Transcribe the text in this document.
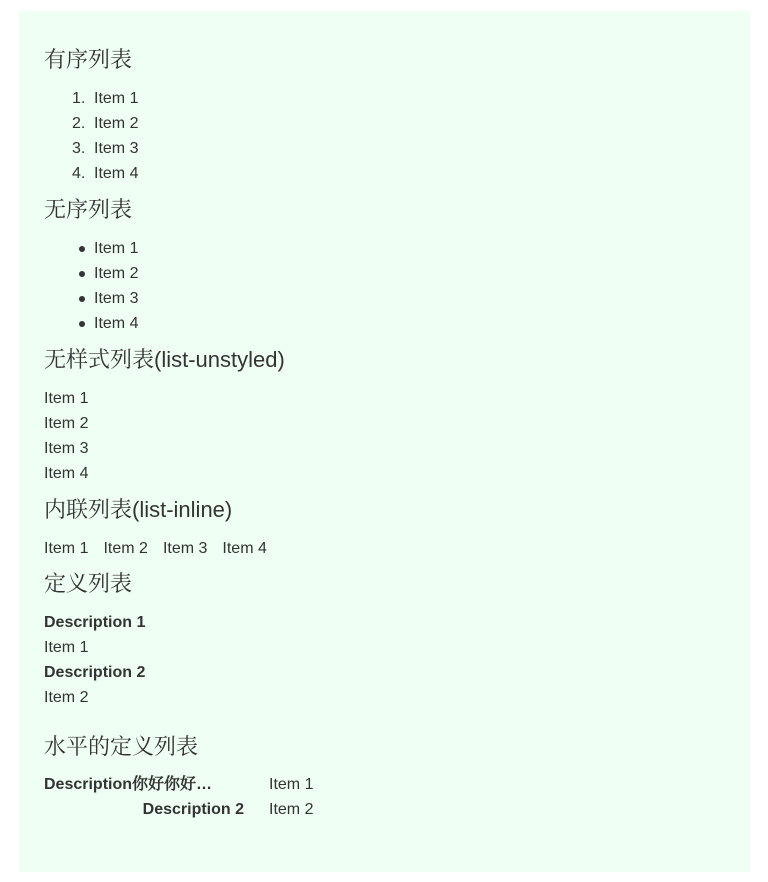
有序列表
1. Item 1
2. Item 2
3. Item 3
4. Item 4
无序列表
Item 1
Item 2
Item 3
Item 4
无样式列表(list-unstyled)
Item 1
Item 2
Item 3
Item 4
内联列表(list-inline)
Item 1 Item 2 Item 3 Item 4
定义列表
Description 1
Item 1
Description 2
Item 2
水平的定义列表
Description你好你好…	Item 1
Description 2 Item 2
